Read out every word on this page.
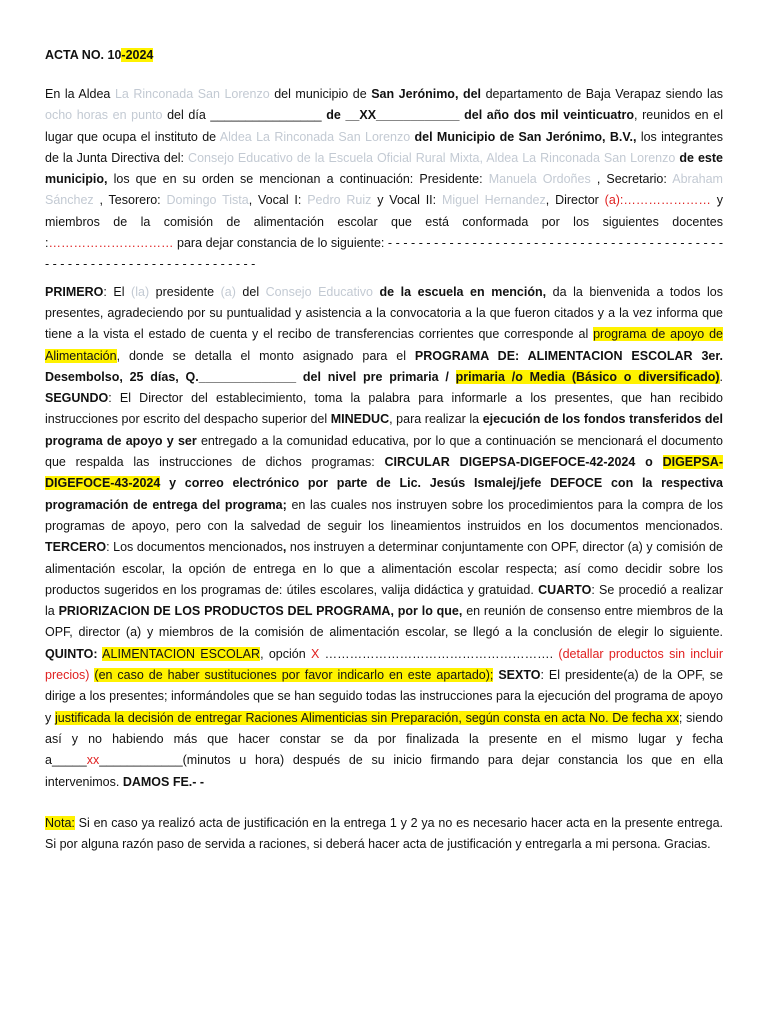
ACTA NO. 10-2024

En la Aldea La Rinconada San Lorenzo del municipio de San Jerónimo, del departamento de Baja Verapaz siendo las ocho horas en punto del día ________________ de __XX____________ del año dos mil veinticuatro, reunidos en el lugar que ocupa el instituto de Aldea La Rinconada San Lorenzo del Municipio de San Jerónimo, B.V., los integrantes de la Junta Directiva del: Consejo Educativo de la Escuela Oficial Rural Mixta, Aldea La Rinconada San Lorenzo de este municipio, los que en su orden se mencionan a continuación: Presidente: Manuela Ordoñes , Secretario: Abraham Sánchez , Tesorero: Domingo Tista, Vocal I: Pedro Ruiz y Vocal II: Miguel Hernandez, Director (a):………………… y miembros de la comisión de alimentación escolar que está conformada por los siguientes docentes :………………………… para dejar constancia de lo siguiente: - - - - - - - - - - - - - - - - - - - - - - - - - - - - - - - - - - - - - - - - - - - - - - - - - - - - - - - - - - - - - - - - - - - - - - - -

PRIMERO: El (la) presidente (a) del Consejo Educativo de la escuela en mención, da la bienvenida a todos los presentes, agradeciendo por su puntualidad y asistencia a la convocatoria a la que fueron citados y a la vez informa que tiene a la vista el estado de cuenta y el recibo de transferencias corrientes que corresponde al programa de apoyo de Alimentación, donde se detalla el monto asignado para el PROGRAMA DE: ALIMENTACION ESCOLAR 3er. Desembolso, 25 días, Q.______________ del nivel pre primaria / primaria /o Media (Básico o diversificado). SEGUNDO: El Director del establecimiento, toma la palabra para informarle a los presentes, que han recibido instrucciones por escrito del despacho superior del MINEDUC, para realizar la ejecución de los fondos transferidos del programa de apoyo y ser entregado a la comunidad educativa, por lo que a continuación se mencionará el documento que respalda las instrucciones de dichos programas: CIRCULAR DIGEPSA-DIGEFOCE-42-2024 o DIGEPSA-DIGEFOCE-43-2024 y correo electrónico por parte de Lic. Jesús Ismalej/jefe DEFOCE con la respectiva programación de entrega del programa; en las cuales nos instruyen sobre los procedimientos para la compra de los programas de apoyo, pero con la salvedad de seguir los lineamientos instruidos en los documentos mencionados. TERCERO: Los documentos mencionados, nos instruyen a determinar conjuntamente con OPF, director (a) y comisión de alimentación escolar, la opción de entrega en lo que a alimentación escolar respecta; así como decidir sobre los productos sugeridos en los programas de: útiles escolares, valija didáctica y gratuidad. CUARTO: Se procedió a realizar la PRIORIZACION DE LOS PRODUCTOS DEL PROGRAMA, por lo que, en reunión de consenso entre miembros de la OPF, director (a) y miembros de la comisión de alimentación escolar, se llegó a la conclusión de elegir lo siguiente. QUINTO: ALIMENTACION ESCOLAR, opción X ………………………………………………. (detallar productos sin incluir precios) (en caso de haber sustituciones por favor indicarlo en este apartado); SEXTO: El presidente(a) de la OPF, se dirige a los presentes; informándoles que se han seguido todas las instrucciones para la ejecución del programa de apoyo y justificada la decisión de entregar Raciones Alimenticias sin Preparación, según consta en acta No. De fecha xx; siendo así y no habiendo más que hacer constar se da por finalizada la presente en el mismo lugar y fecha a_____xx____________(minutos u hora) después de su inicio firmando para dejar constancia los que en ella intervenimos. DAMOS FE.- -

Nota: Si en caso ya realizó acta de justificación en la entrega 1 y 2 ya no es necesario hacer acta en la presente entrega. Si por alguna razón paso de servida a raciones, si deberá hacer acta de justificación y entregarla a mi persona. Gracias.
